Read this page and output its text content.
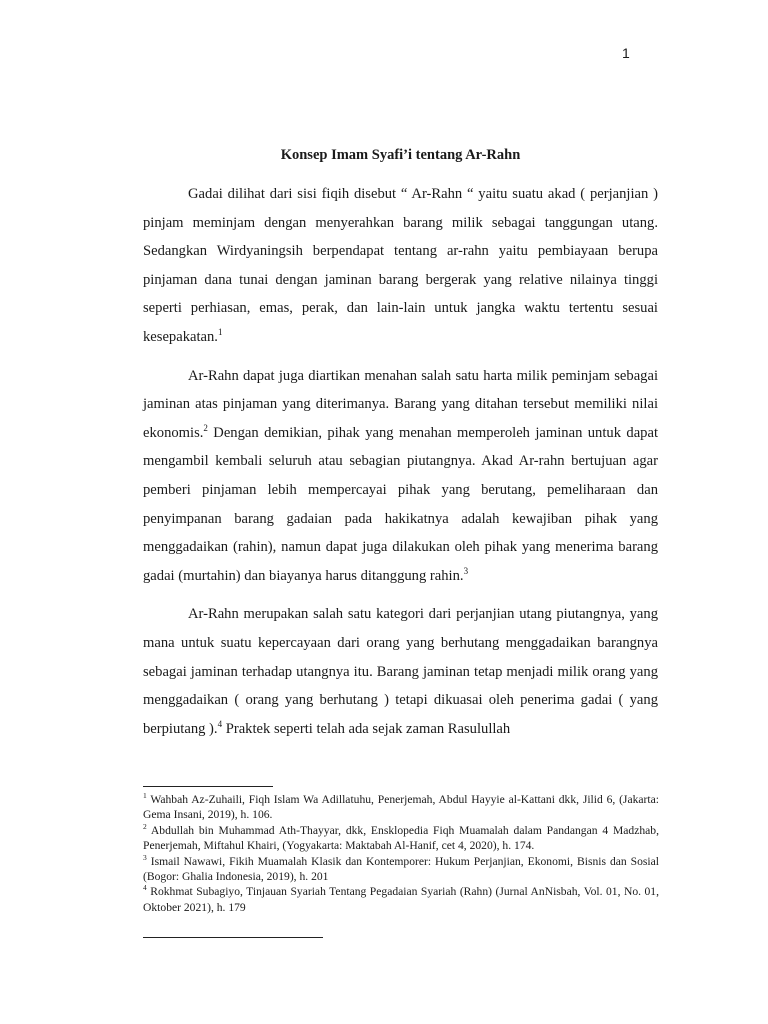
1
Konsep Imam Syafi’i tentang Ar-Rahn

Gadai dilihat dari sisi fiqih disebut “ Ar-Rahn “ yaitu suatu akad ( perjanjian ) pinjam meminjam dengan menyerahkan barang milik sebagai tanggungan utang. Sedangkan Wirdyaningsih berpendapat tentang ar-rahn yaitu pembiayaan berupa pinjaman dana tunai dengan jaminan barang bergerak yang relative nilainya tinggi seperti perhiasan, emas, perak, dan lain-lain untuk jangka waktu tertentu sesuai kesepakatan.$^1$

Ar-Rahn dapat juga diartikan menahan salah satu harta milik peminjam sebagai jaminan atas pinjaman yang diterimanya. Barang yang ditahan tersebut memiliki nilai ekonomis.$^2$ Dengan demikian, pihak yang menahan memperoleh jaminan untuk dapat mengambil kembali seluruh atau sebagian piutangnya. Akad Ar-rahn bertujuan agar pemberi pinjaman lebih mempercayai pihak yang berutang, pemeliharaan dan penyimpanan barang gadaian pada hakikatnya adalah kewajiban pihak yang menggadaikan (rahin), namun dapat juga dilakukan oleh pihak yang menerima barang gadai (murtahin) dan biayanya harus ditanggung rahin.$^3$

Ar-Rahn merupakan salah satu kategori dari perjanjian utang piutangnya, yang mana untuk suatu kepercayaan dari orang yang berhutang menggadaikan barangnya sebagai jaminan terhadap utangnya itu. Barang jaminan tetap menjadi milik orang yang menggadaikan ( orang yang berhutang ) tetapi dikuasai oleh penerima gadai ( yang berpiutang ).$^4$ Praktek seperti telah ada sejak zaman Rasulullah

$^1$ Wahbah Az-Zuhaili, Fiqh Islam Wa Adillatuhu, Penerjemah, Abdul Hayyie al-Kattani dkk, Jilid 6, (Jakarta: Gema Insani, 2019), h. 106.
$^2$ Abdullah bin Muhammad Ath-Thayyar, dkk, Ensklopedia Fiqh Muamalah dalam Pandangan 4 Madzhab, Penerjemah, Miftahul Khairi, (Yogyakarta: Maktabah Al-Hanif, cet 4, 2020), h. 174.
$^3$ Ismail Nawawi, Fikih Muamalah Klasik dan Kontemporer: Hukum Perjanjian, Ekonomi, Bisnis dan Sosial (Bogor: Ghalia Indonesia, 2019), h. 201
$^4$ Rokhmat Subagiyo, Tinjauan Syariah Tentang Pegadaian Syariah (Rahn) (Jurnal AnNisbah, Vol. 01, No. 01, Oktober 2021), h. 179
